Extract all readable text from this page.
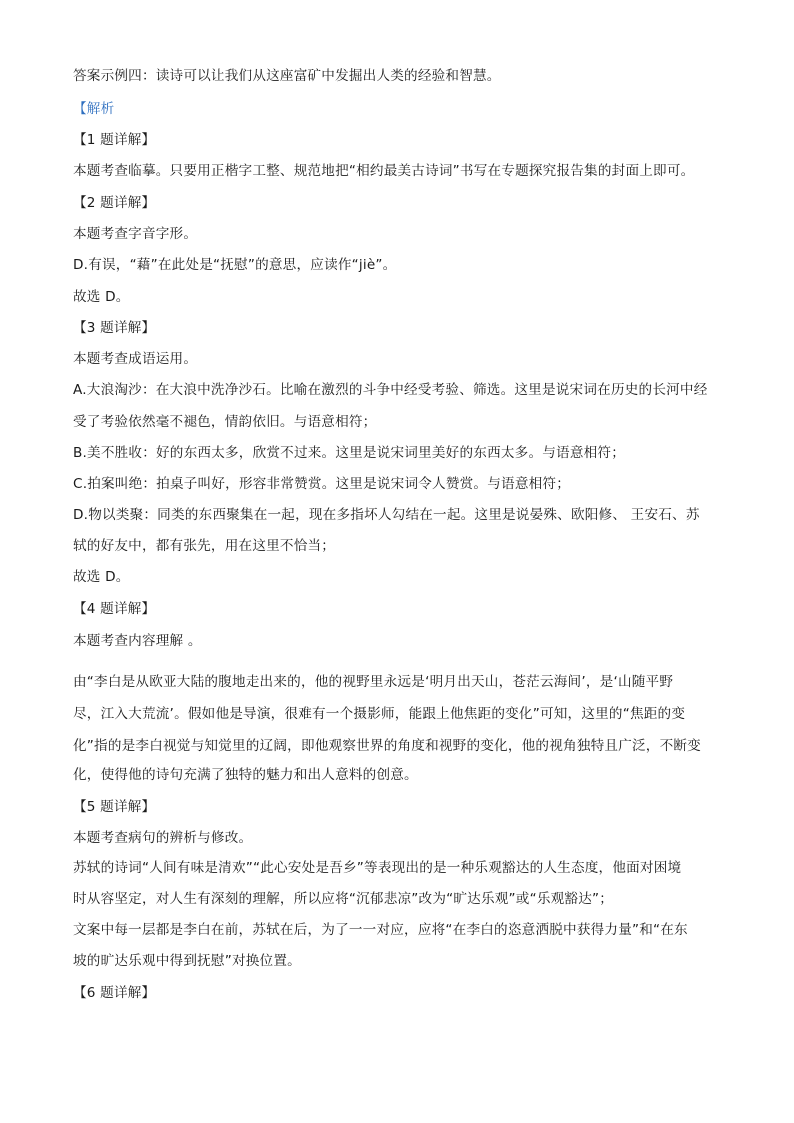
答案示例四：读诗可以让我们从这座富矿中发掘出人类的经验和智慧。
【解析
【1 题详解】
本题考查临摹。只要用正楷字工整、规范地把“相约最美古诗词”书写在专题探究报告集的封面上即可。
【2 题详解】
本题考查字音字形。
D.有误，“藉”在此处是“抚慰”的意思，应读作“jiè”。
故选 D。
【3 题详解】
本题考查成语运用。
A.大浪淘沙：在大浪中洗净沙石。比喻在激烈的斗争中经受考验、筛选。这里是说宋词在历史的长河中经
受了考验依然毫不褪色，情韵依旧。与语意相符；
B.美不胜收：好的东西太多，欣赏不过来。这里是说宋词里美好的东西太多。与语意相符；
C.拍案叫绝：拍桌子叫好，形容非常赞赏。这里是说宋词令人赞赏。与语意相符；
D.物以类聚：同类的东西聚集在一起，现在多指坏人勾结在一起。这里是说晏殊、欧阳修、 王安石、苏
轼的好友中，都有张先，用在这里不恰当；
故选 D。
【4 题详解】
本题考查内容理解 。
由“李白是从欧亚大陆的腹地走出来的，他的视野里永远是‘明月出天山，苍茫云海间’，是‘山随平野
尽，江入大荒流’。假如他是导演，很难有一个摄影师，能跟上他焦距的变化”可知，这里的“焦距的变
化”指的是李白视觉与知觉里的辽阔，即他观察世界的角度和视野的变化，他的视角独特且广泛，不断变
化，使得他的诗句充满了独特的魅力和出人意料的创意。
【5 题详解】
本题考查病句的辨析与修改。
苏轼的诗词“人间有味是清欢”“此心安处是吾乡”等表现出的是一种乐观豁达的人生态度，他面对困境
时从容坚定，对人生有深刻的理解，所以应将“沉郁悲凉”改为“旷达乐观”或“乐观豁达”；
文案中每一层都是李白在前，苏轼在后，为了一一对应，应将“在李白的恣意洒脱中获得力量”和“在东
坡的旷达乐观中得到抚慰”对换位置。
【6 题详解】
